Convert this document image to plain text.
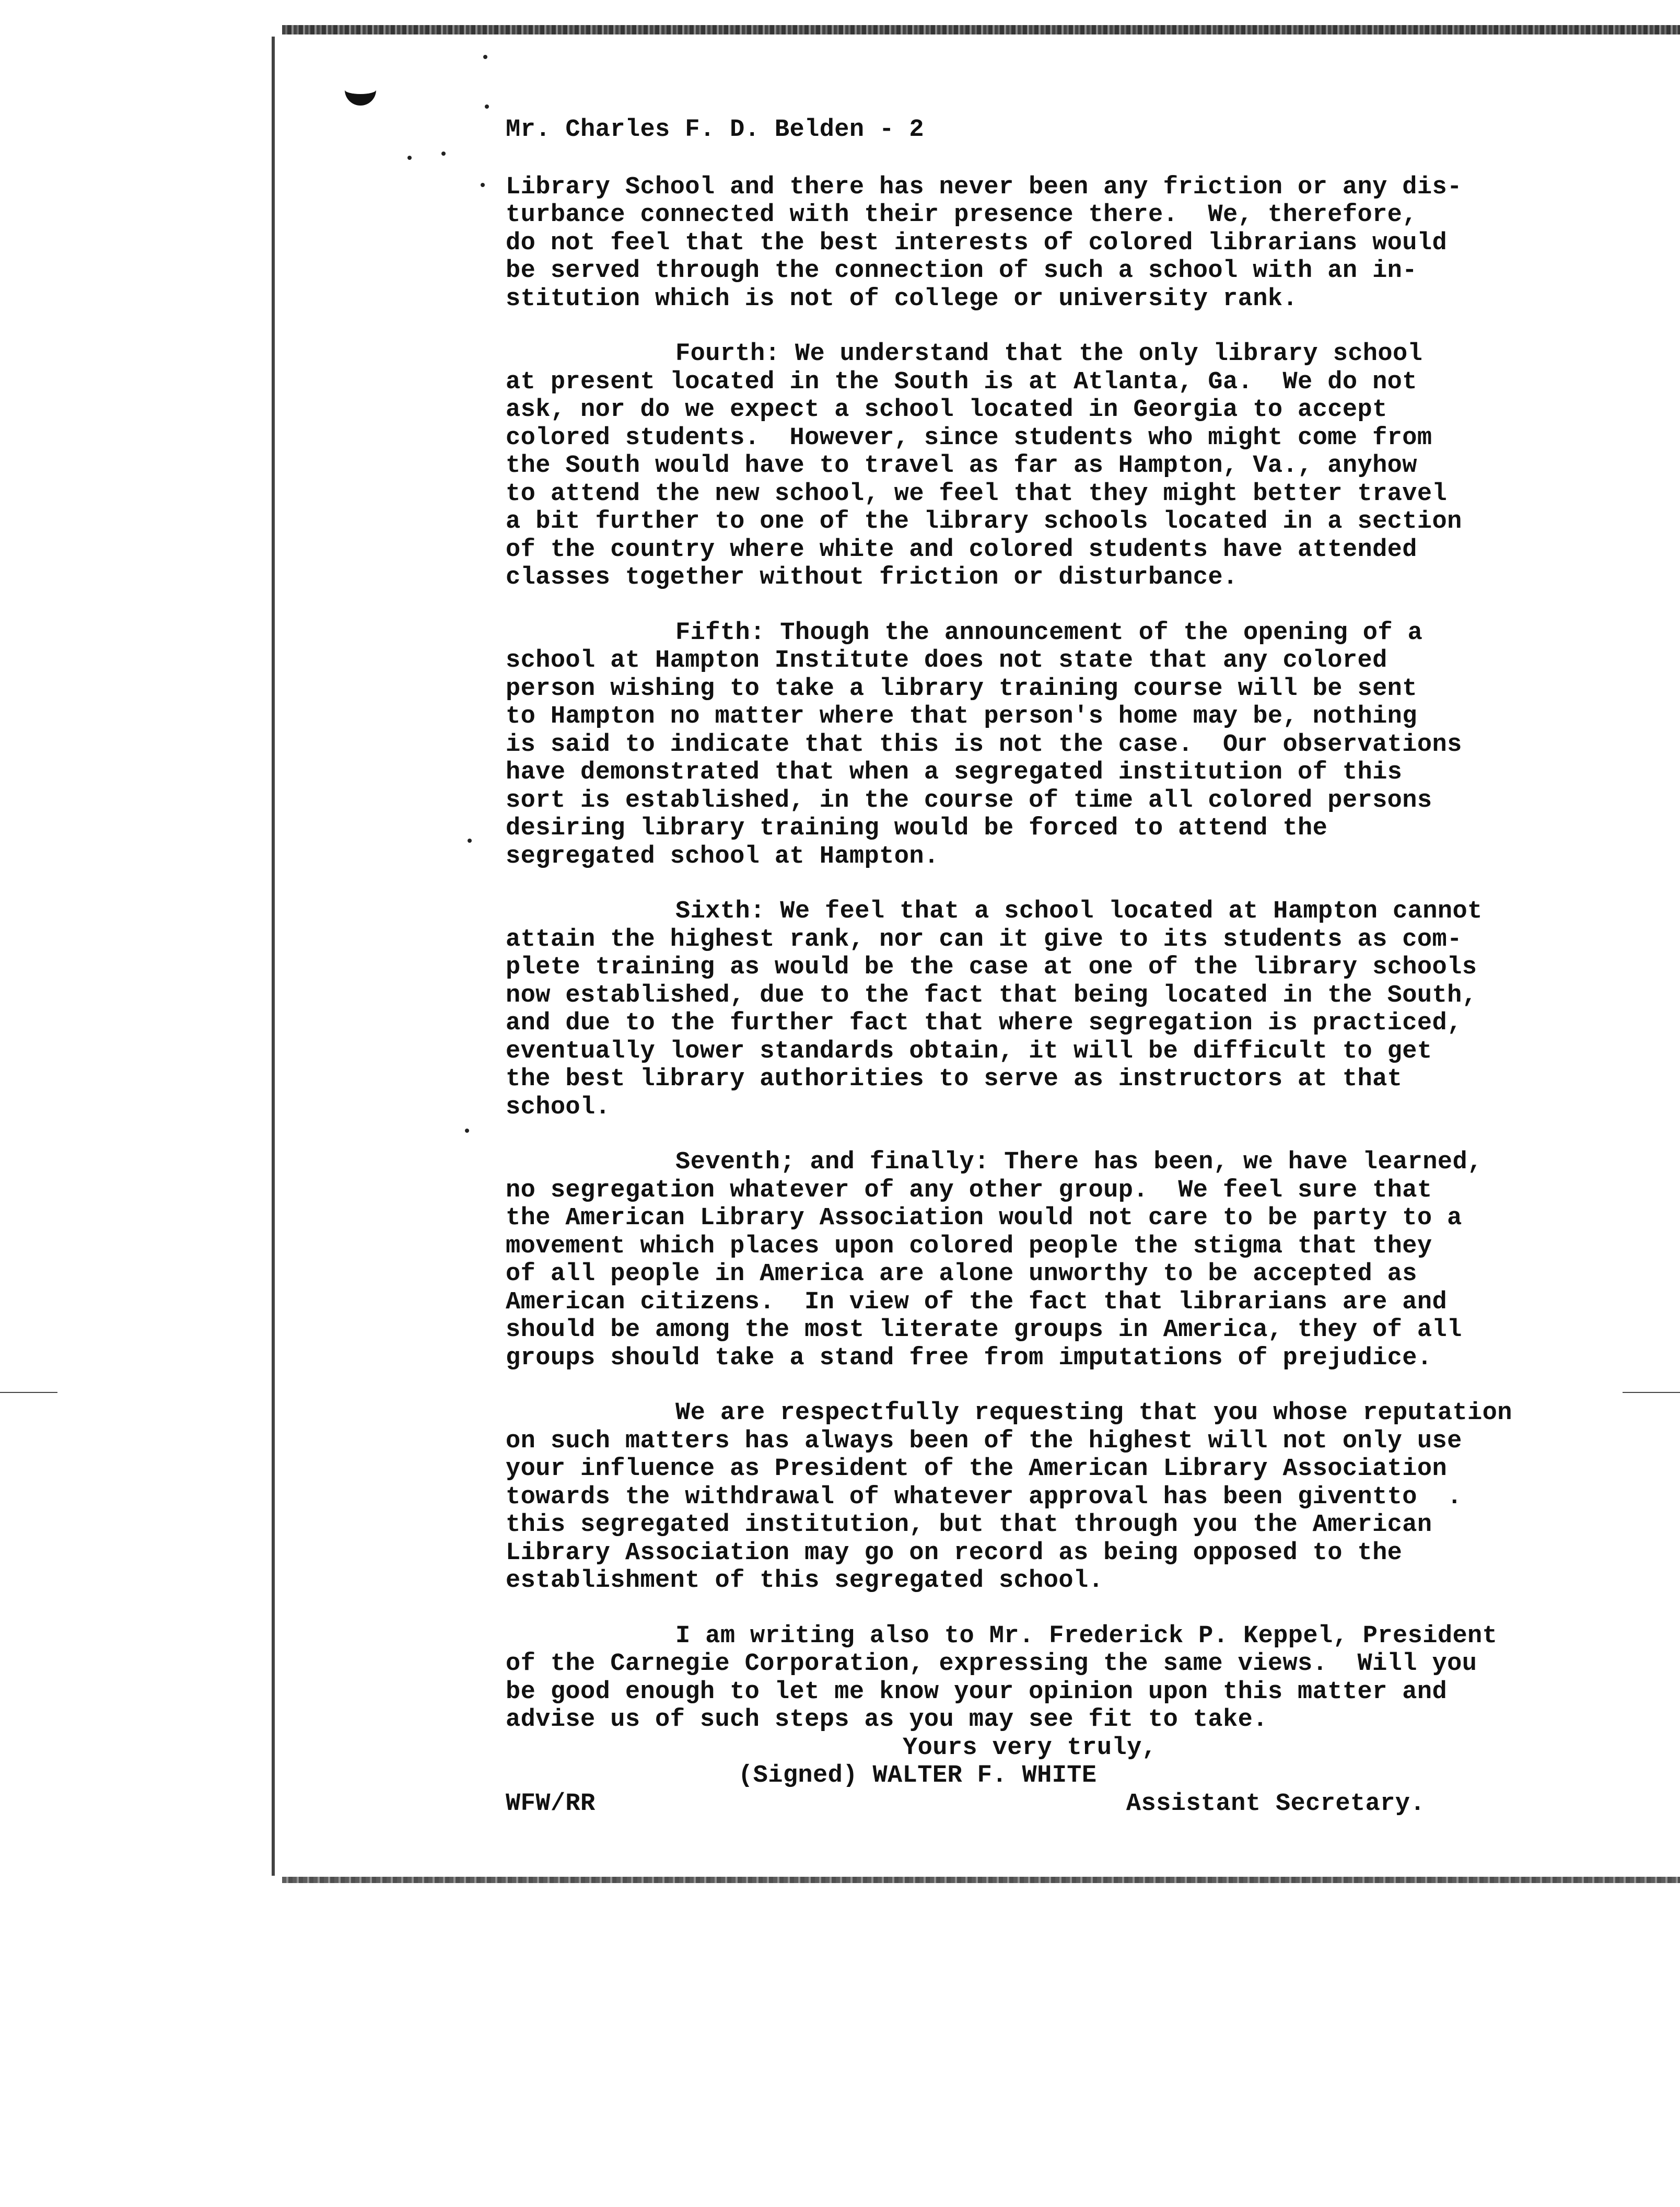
Mr. Charles F. D. Belden - 2

Library School and there has never been any friction or any dis-

turbance connected with their presence there.  We, therefore,

do not feel that the best interests of colored librarians would

be served through the connection of such a school with an in-

stitution which is not of college or university rank.

Fourth: We understand that the only library school

at present located in the South is at Atlanta, Ga.  We do not

ask, nor do we expect a school located in Georgia to accept

colored students.  However, since students who might come from

the South would have to travel as far as Hampton, Va., anyhow

to attend the new school, we feel that they might better travel

a bit further to one of the library schools located in a section

of the country where white and colored students have attended

classes together without friction or disturbance.

Fifth: Though the announcement of the opening of a

school at Hampton Institute does not state that any colored

person wishing to take a library training course will be sent

to Hampton no matter where that person's home may be, nothing

is said to indicate that this is not the case.  Our observations

have demonstrated that when a segregated institution of this

sort is established, in the course of time all colored persons

desiring library training would be forced to attend the

segregated school at Hampton.

Sixth: We feel that a school located at Hampton cannot

attain the highest rank, nor can it give to its students as com-

plete training as would be the case at one of the library schools

now established, due to the fact that being located in the South,

and due to the further fact that where segregation is practiced,

eventually lower standards obtain, it will be difficult to get

the best library authorities to serve as instructors at that

school.

Seventh; and finally: There has been, we have learned,

no segregation whatever of any other group.  We feel sure that

the American Library Association would not care to be party to a

movement which places upon colored people the stigma that they

of all people in America are alone unworthy to be accepted as

American citizens.  In view of the fact that librarians are and

should be among the most literate groups in America, they of all

groups should take a stand free from imputations of prejudice.

We are respectfully requesting that you whose reputation

on such matters has always been of the highest will not only use

your influence as President of the American Library Association

towards the withdrawal of whatever approval has been giventto  .

this segregated institution, but that through you the American

Library Association may go on record as being opposed to the

establishment of this segregated school.

I am writing also to Mr. Frederick P. Keppel, President

of the Carnegie Corporation, expressing the same views.  Will you

be good enough to let me know your opinion upon this matter and

advise us of such steps as you may see fit to take.

Yours very truly,

(Signed) WALTER F. WHITE

WFW/RR	Assistant Secretary.
